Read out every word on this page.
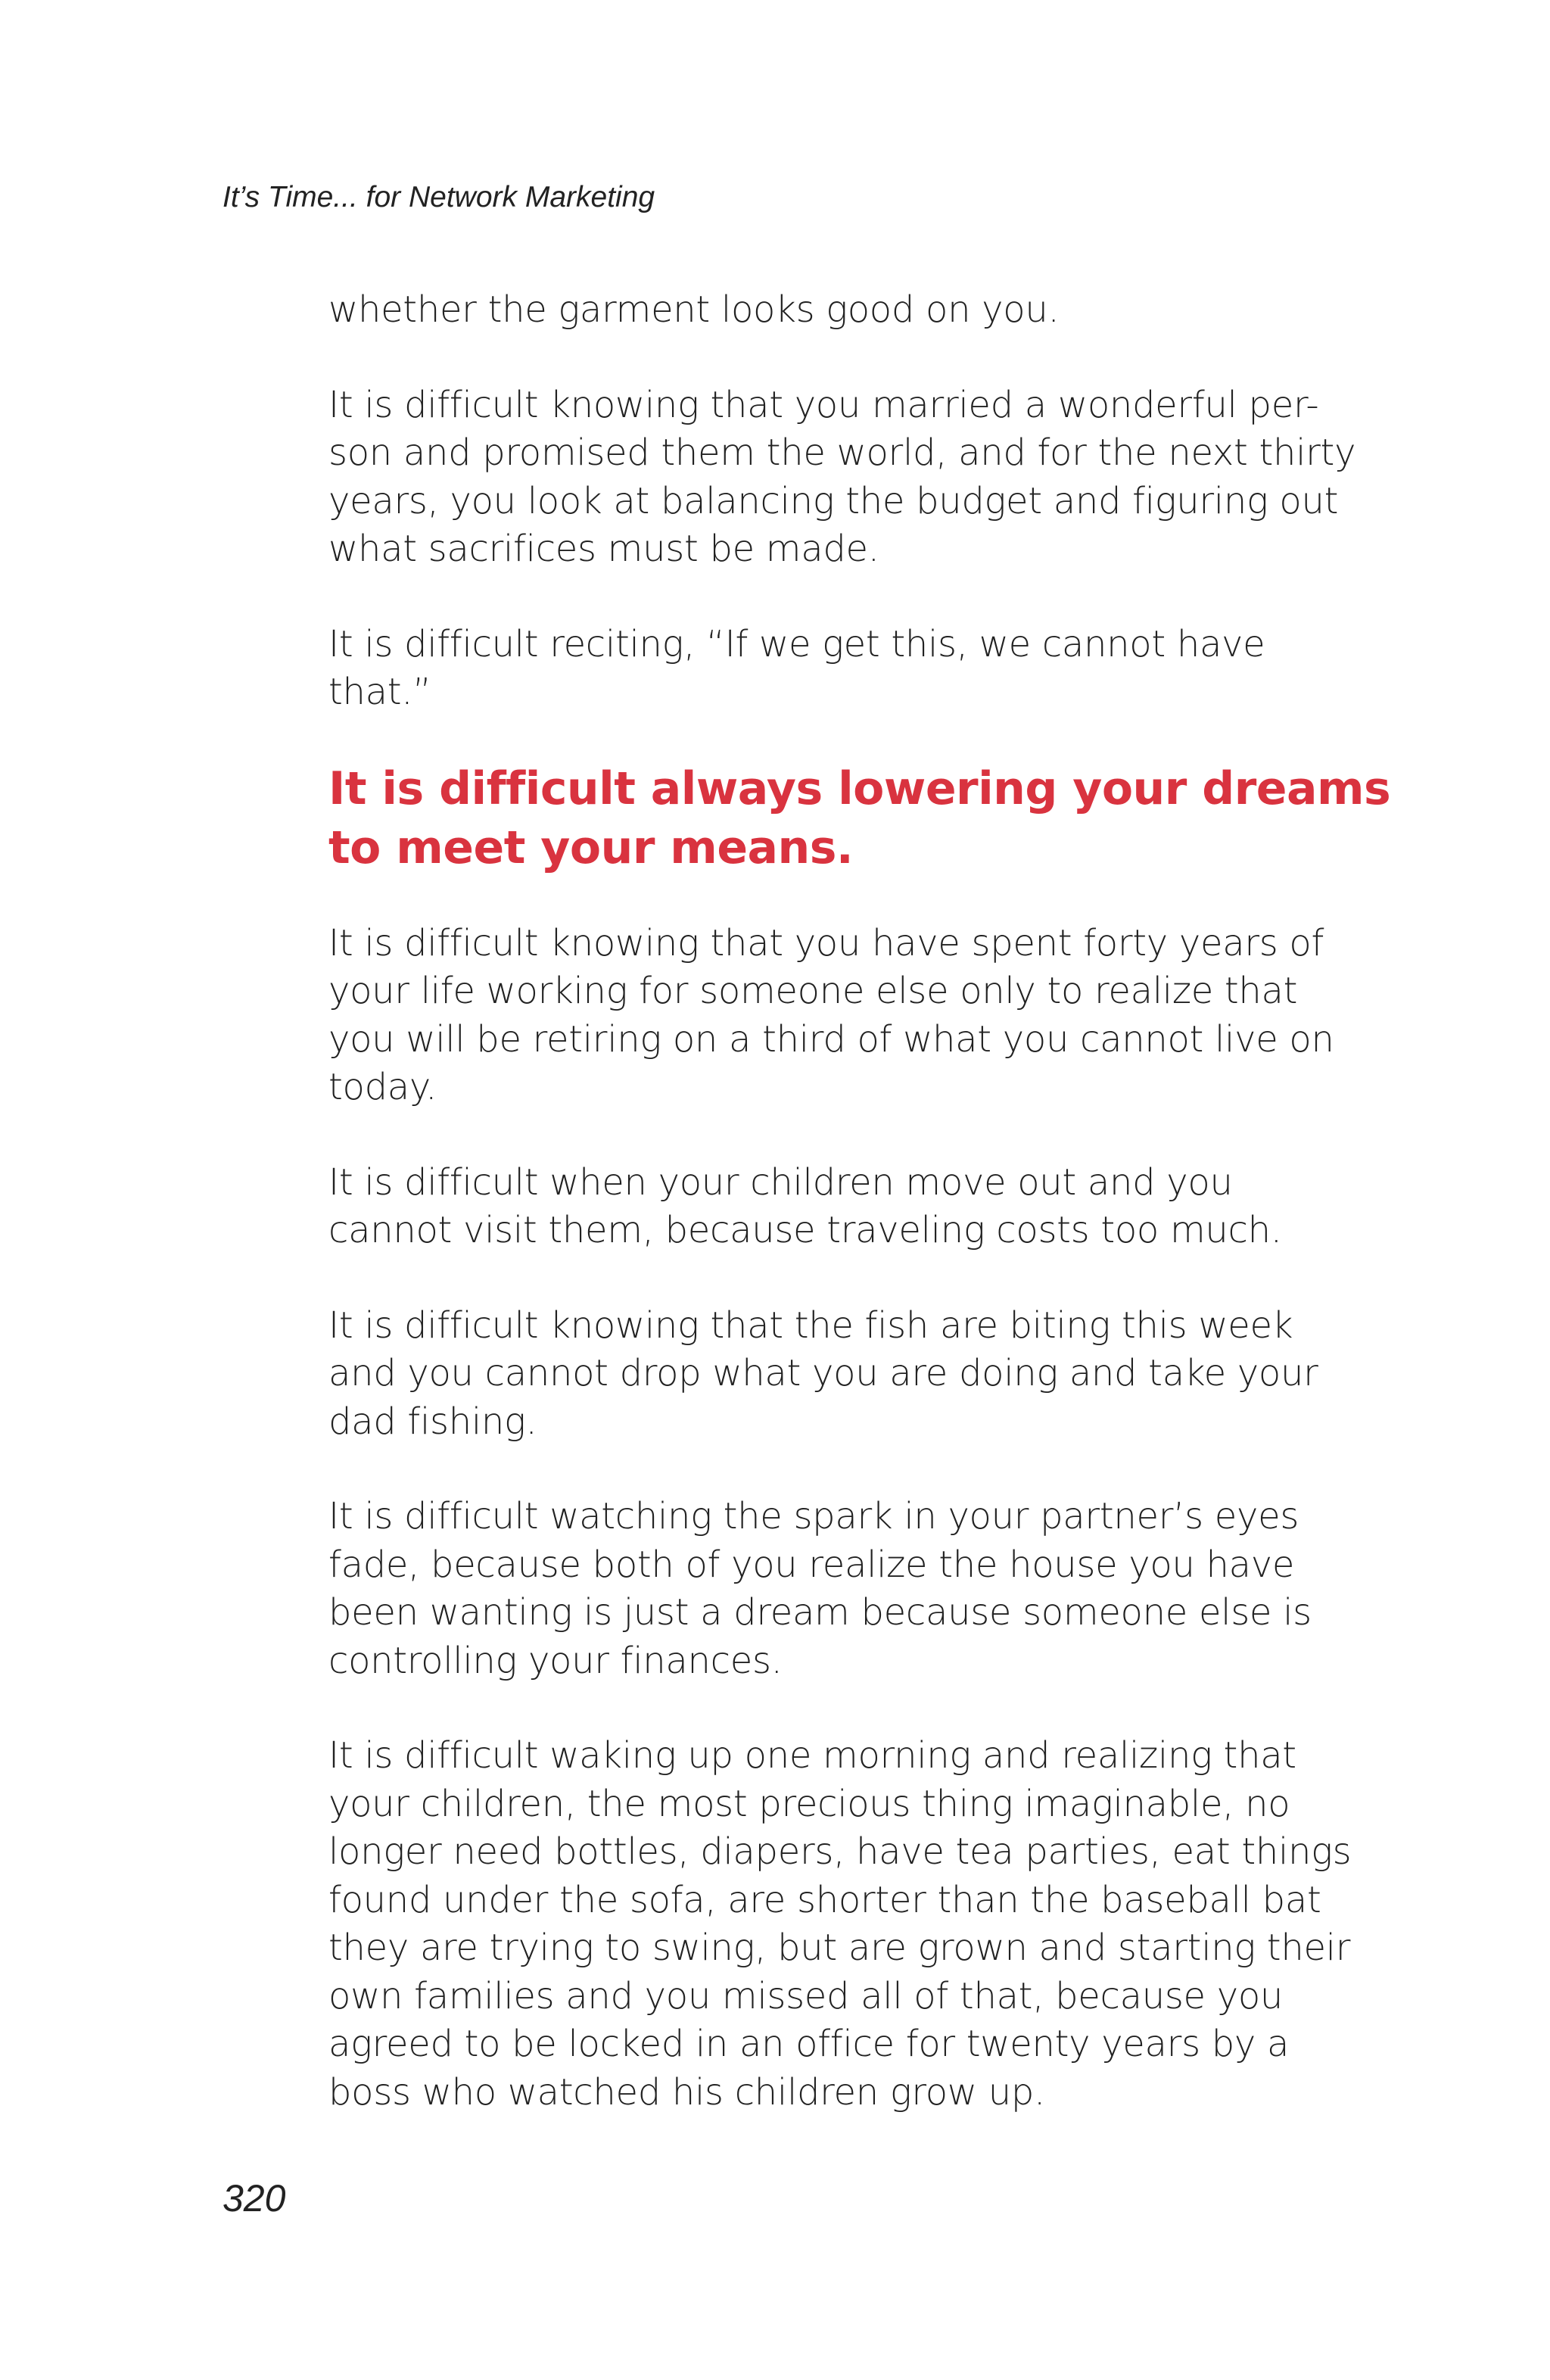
It’s Time... for Network Marketing

whether the garment looks good on you.

It is difficult knowing that you married a wonderful per-
son and promised them the world, and for the next thirty
years, you look at balancing the budget and figuring out
what sacrifices must be made.

It is difficult reciting, “If we get this, we cannot have
that.”

It is difficult always lowering your dreams
to meet your means.

It is difficult knowing that you have spent forty years of
your life working for someone else only to realize that
you will be retiring on a third of what you cannot live on
today.

It is difficult when your children move out and you
cannot visit them, because traveling costs too much.

It is difficult knowing that the fish are biting this week
and you cannot drop what you are doing and take your
dad fishing.

It is difficult watching the spark in your partner’s eyes
fade, because both of you realize the house you have
been wanting is just a dream because someone else is
controlling your finances.

It is difficult waking up one morning and realizing that
your children, the most precious thing imaginable, no
longer need bottles, diapers, have tea parties, eat things
found under the sofa, are shorter than the baseball bat
they are trying to swing, but are grown and starting their
own families and you missed all of that, because you
agreed to be locked in an office for twenty years by a
boss who watched his children grow up.

320
